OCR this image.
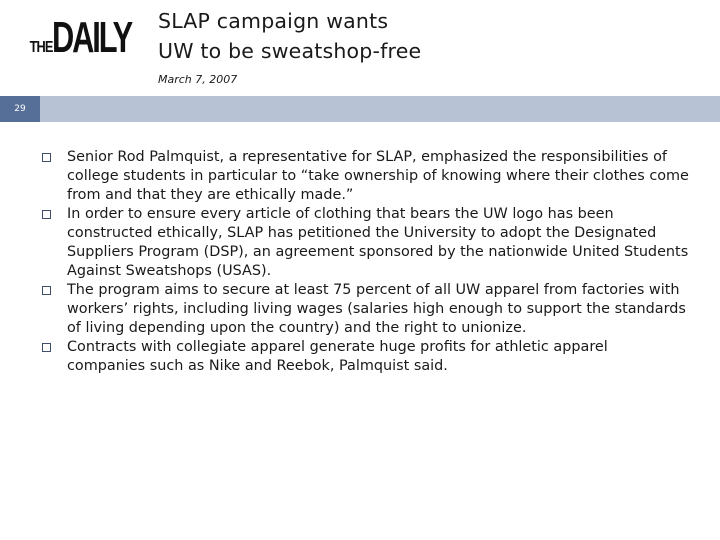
THE DAILY SLAP campaign wants
UW to be sweatshop-free
March 7, 2007
29
Senior Rod Palmquist, a representative for SLAP, emphasized the responsibilities of college students in particular to “take ownership of knowing where their clothes come from and that they are ethically made.”
In order to ensure every article of clothing that bears the UW logo has been constructed ethically, SLAP has petitioned the University to adopt the Designated Suppliers Program (DSP), an agreement sponsored by the nationwide United Students Against Sweatshops (USAS).
The program aims to secure at least 75 percent of all UW apparel from factories with workers’ rights, including living wages (salaries high enough to support the standards of living depending upon the country) and the right to unionize.
Contracts with collegiate apparel generate huge profits for athletic apparel companies such as Nike and Reebok, Palmquist said.
